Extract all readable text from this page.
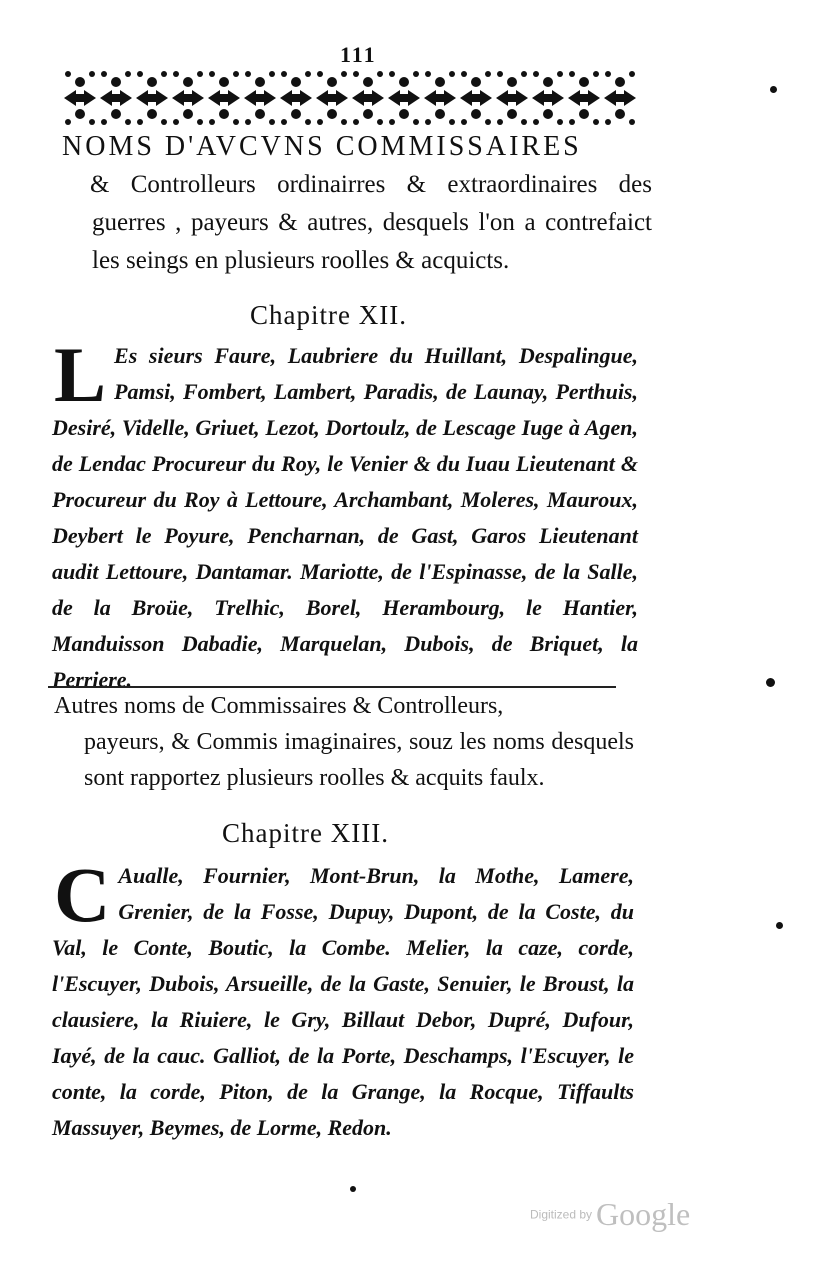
111
NOMS D'AVCVNS COMMISSAIRES
& Controlleurs ordinairres & extraordinaires des guerres , payeurs & autres, desquels l'on a contrefaict les seings en plusieurs roolles & acquicts.
Chapitre XII.
L Es sieurs Faure, Laubriere du Huillant, Despalingue, Pamsi, Fombert, Lambert, Paradis, de Launay, Perthuis, Desiré, Videlle, Griuet, Lezot, Dortoulz, de Lescage Iuge à Agen, de Lendac Procureur du Roy, le Venier & du Iuau Lieutenant & Procureur du Roy à Lettoure, Archambant, Moleres, Mauroux, Deybert le Poyure, Pencharnan, de Gast, Garos Lieutenant audit Lettoure, Dantamar. Mariotte, de l'Espinasse, de la Salle, de la Broüe, Trelhic, Borel, Herambourg, le Hantier, Manduisson Dabadie, Marquelan, Dubois, de Briquet, la Perriere.
Autres noms de Commissaires & Controlleurs,
payeurs, & Commis imaginaires, souz les noms desquels sont rapportez plusieurs roolles & acquits faulx.
Chapitre XIII.
C Aualle, Fournier, Mont-Brun, la Mothe, Lamere, Grenier, de la Fosse, Dupuy, Dupont, de la Coste, du Val, le Conte, Boutic, la Combe. Melier, la caze, corde, l'Escuyer, Dubois, Arsueille, de la Gaste, Senuier, le Broust, la clausiere, la Riuiere, le Gry, Billaut Debor, Dupré, Dufour, Iayé, de la cauc. Galliot, de la Porte, Deschamps, l'Escuyer, le conte, la corde, Piton, de la Grange, la Rocque, Tiffaults Massuyer, Beymes, de Lorme, Redon.
Digitized by Google
